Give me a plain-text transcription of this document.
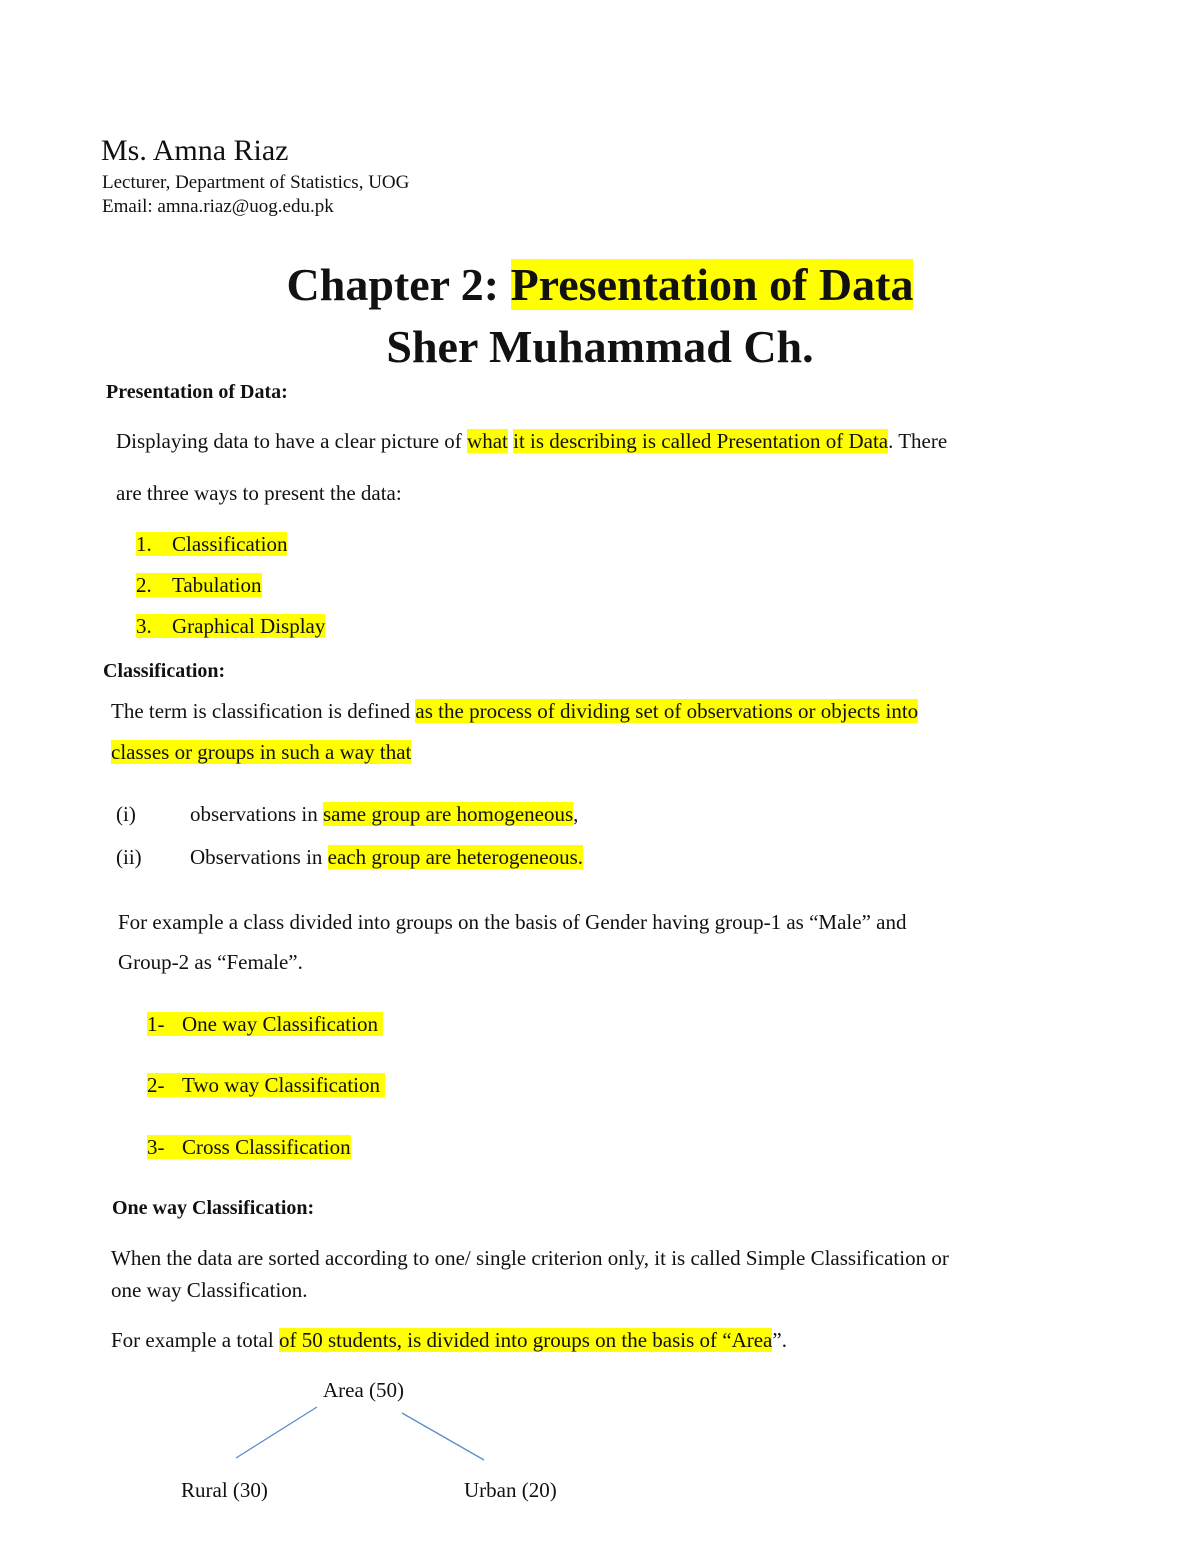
Ms. Amna Riaz
Lecturer, Department of Statistics, UOG
Email: amna.riaz@uog.edu.pk
Chapter 2: Presentation of Data
Sher Muhammad Ch.
Presentation of Data:
Displaying data to have a clear picture of what it is describing is called Presentation of Data. There
are three ways to present the data:
1. Classification
2. Tabulation
3. Graphical Display
Classification:
The term is classification is defined as the process of dividing set of observations or objects into
classes or groups in such a way that
(i)	observations in same group are homogeneous,
(ii) Observations in each group are heterogeneous.
For example a class divided into groups on the basis of Gender having group-1 as “Male” and
Group-2 as “Female”.
1- One way Classification
2- Two way Classification
3- Cross Classification
One way Classification:
When the data are sorted according to one/ single criterion only, it is called Simple Classification or
one way Classification.
For example a total of 50 students, is divided into groups on the basis of “Area”.
Area (50)
Rural (30)	Urban (20)
